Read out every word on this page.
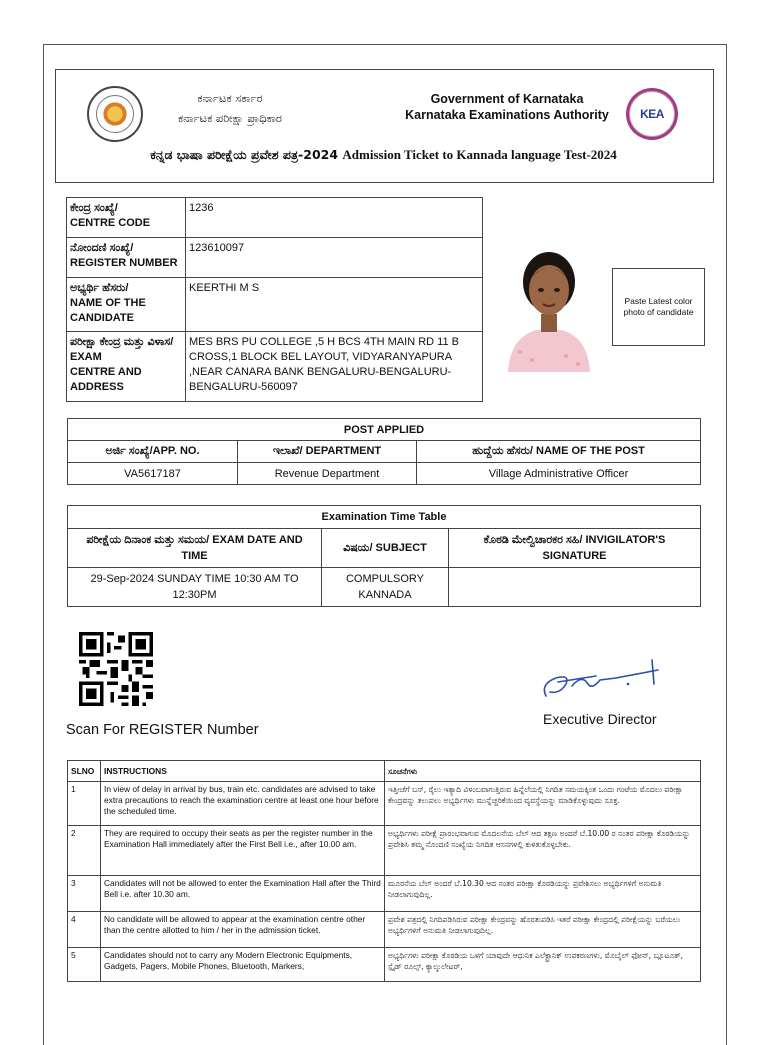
ಕರ್ನಾಟಕ ಸರ್ಕಾರ
ಕರ್ನಾಟಕ ಪರೀಕ್ಷಾ ಪ್ರಾಧಿಕಾರ
Government of Karnataka
Karnataka Examinations Authority	KEA
ಕನ್ನಡ ಭಾಷಾ ಪರೀಕ್ಷೆಯ ಪ್ರವೇಶ ಪತ್ರ-2024 Admission Ticket to Kannada language Test-2024
ಕೇಂದ್ರ ಸಂಖ್ಯೆ/
CENTRE CODE	1236
ನೋಂದಣಿ ಸಂಖ್ಯೆ/
REGISTER NUMBER	123610097
ಅಭ್ಯರ್ಥಿ ಹೆಸರು/
NAME OF THE CANDIDATE	KEERTHI M S
ಪರೀಕ್ಷಾ ಕೇಂದ್ರ ಮತ್ತು ವಿಳಾಸ/ EXAM
CENTRE AND ADDRESS	MES BRS PU COLLEGE ,5 H BCS 4TH MAIN RD 11 B CROSS,1 BLOCK BEL LAYOUT, VIDYARANYAPURA ,NEAR CANARA BANK BENGALURU-BENGALURU-BENGALURU-560097
Paste Latest color photo of candidate
POST APPLIED		
ಅರ್ಜಿ ಸಂಖ್ಯೆ/APP. NO.	ಇಲಾಖೆ/ DEPARTMENT	ಹುದ್ದೆಯ ಹೆಸರು/ NAME OF THE POST
VA5617187	Revenue Department	Village Administrative Officer
Examination Time Table		
ಪರೀಕ್ಷೆಯ ದಿನಾಂಕ ಮತ್ತು ಸಮಯ/ EXAM DATE AND TIME	ವಿಷಯ/ SUBJECT	ಕೊಠಡಿ ಮೇಲ್ವಿಚಾರಕರ ಸಹಿ/ INVIGILATOR'S SIGNATURE
29-Sep-2024 SUNDAY TIME 10:30 AM TO 12:30PM	COMPULSORY KANNADA	
Scan For REGISTER Number
Executive Director
SLNO	INSTRUCTIONS	ಸೂಚನೆಗಳು
1	In view of delay in arrival by bus, train etc. candidates are advised to take extra precautions to reach the examination centre at least one hour before the scheduled time.	ಇತ್ತೀಚೆಗೆ ಬಸ್, ರೈಲು ಇತ್ಯಾದಿ ವಿಳಂಬವಾಗುತ್ತಿರುವ ಹಿನ್ನೆಲೆಯಲ್ಲಿ ನಿಗದಿತ ಸಮಯಕ್ಕಿಂತ ಒಂದು ಗಂಟೆಯ ಮೊದಲು ಪರೀಕ್ಷಾ ಕೇಂದ್ರವನ್ನು ತಲುಪಲು ಅಭ್ಯರ್ಥಿಗಳು ಮುನ್ನೆಚ್ಚರಿಕೆಯಿಂದ ವ್ಯವಸ್ಥೆಯನ್ನು ಮಾಡಿಕೊಳ್ಳುವುದು ಸೂಕ್ತ.
2	They are required to occupy their seats as per the register number in the Examination Hall immediately after the First Bell i.e., after 10.00 am.	ಅಭ್ಯರ್ಥಿಗಳು ಪರೀಕ್ಷೆ ಪ್ರಾರಂಭವಾಗುವ ಮೊದಲನೆಯ ಬೆಲ್ ಆದ ತಕ್ಷಣ ಅಂದರೆ ಬೆ.10.00 ರ ನಂತರ ಪರೀಕ್ಷಾ ಕೊಠಡಿಯನ್ನು ಪ್ರವೇಶಿಸಿ ತಮ್ಮ ನೊಂದಣಿ ಸಂಖ್ಯೆಯ ನಿಗದಿತ ಆಸನಗಳಲ್ಲಿ ಕುಳಿತುಕೊಳ್ಳಬೇಕು.
3	Candidates will not be allowed to enter the Examination Hall after the Third Bell i.e. after 10.30 am.	ಮೂರನೆಯ ಬೆಲ್ ಅಂದರೆ ಬೆ.10.30 ಆದ ನಂತರ ಪರೀಕ್ಷಾ ಕೊಠಡಿಯನ್ನು ಪ್ರವೇಶಿಸಲು ಅಭ್ಯರ್ಥಿಗಳಿಗೆ ಅನುಮತಿ ನೀಡಲಾಗುವುದಿಲ್ಲ.
4	No candidate will be allowed to appear at the examination centre other than the centre allotted to him / her in the admission ticket.	ಪ್ರವೇಶ ಪತ್ರದಲ್ಲಿ ನಿಗದಿಪಡಿಸಿರುವ ಪರೀಕ್ಷಾ ಕೇಂದ್ರವನ್ನು ಹೊರತುಪಡಿಸಿ ಇತರೆ ಪರೀಕ್ಷಾ ಕೇಂದ್ರದಲ್ಲಿ ಪರೀಕ್ಷೆಯನ್ನು ಬರೆಯಲು ಅಭ್ಯರ್ಥಿಗಳಿಗೆ ಅನುಮತಿ ನೀಡಲಾಗುವುದಿಲ್ಲ.
5	Candidates should not to carry any Modern Electronic Equipments, Gadgets, Pagers, Mobile Phones, Bluetooth, Markers,	ಅಭ್ಯರ್ಥಿಗಳು ಪರೀಕ್ಷಾ ಕೊಠಡಿಯ ಒಳಗೆ ಯಾವುದೇ ಆಧುನಿಕ ಎಲೆಕ್ಟ್ರಾನಿಕ್ ಉಪಕರಣಗಳು, ಮೊಬೈಲ್ ಫೋನ್, ಬ್ಲೂಟೂತ್, ಸ್ಲೈಡ್ ರೂಲ್ಸ್, ಕ್ಯಾಲ್ಕುಲೇಟರ್,
